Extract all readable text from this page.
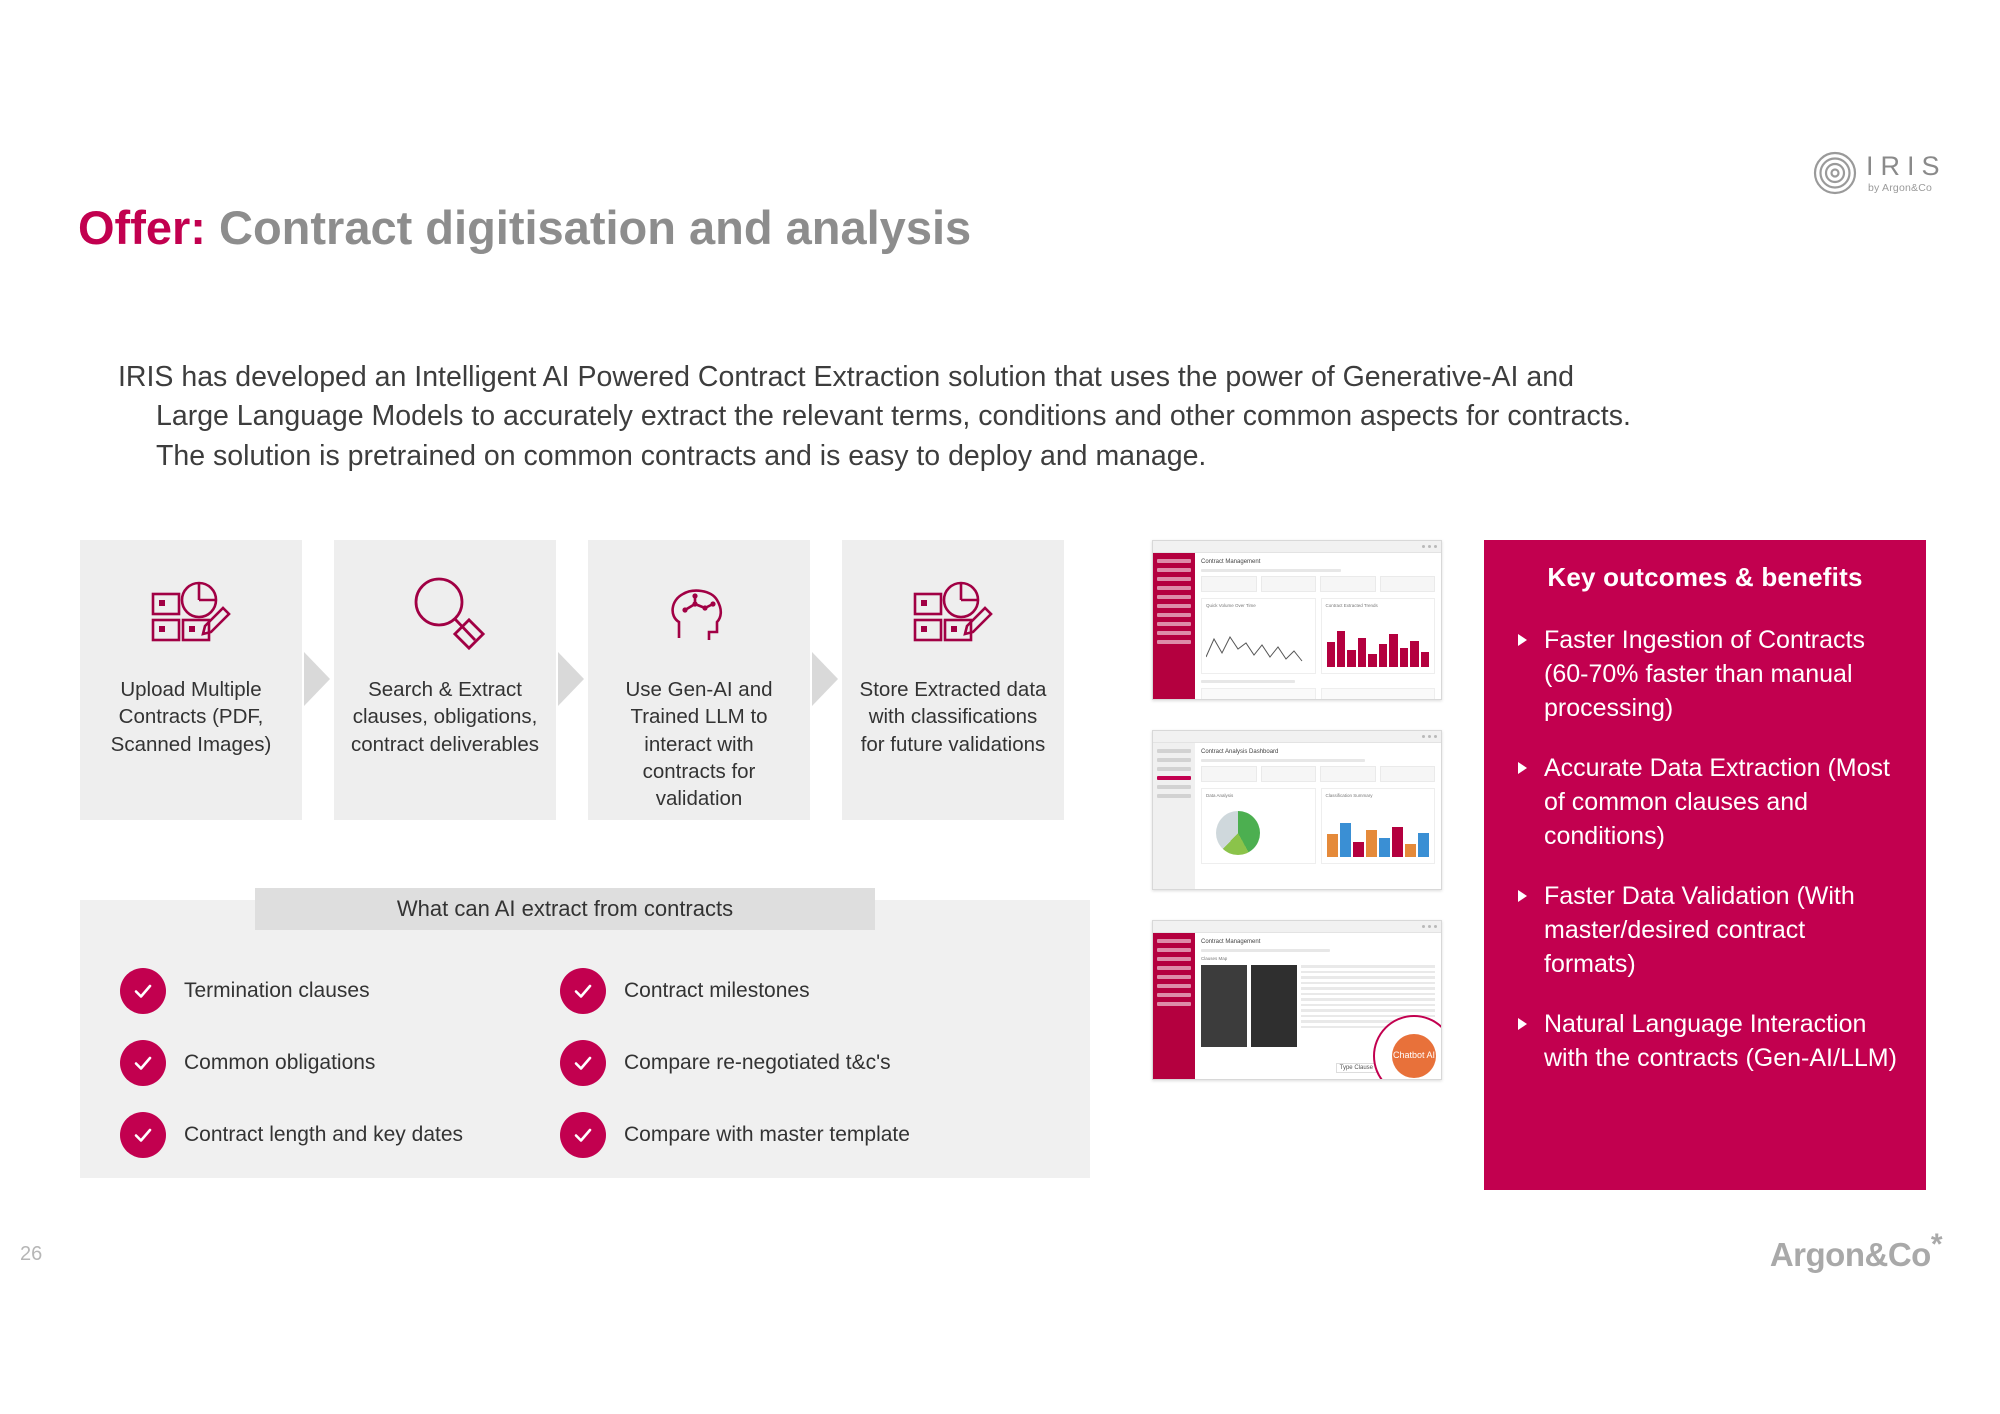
IRIS
by Argon&Co
Offer: Contract digitisation and analysis
IRIS has developed an Intelligent AI Powered Contract Extraction solution that uses the power of Generative-AI and
Large Language Models to accurately extract the relevant terms, conditions and other common aspects for contracts.
The solution is pretrained on common contracts and is easy to deploy and manage.
Upload Multiple Contracts (PDF, Scanned Images)
Search & Extract clauses, obligations, contract deliverables
Use Gen-AI and Trained LLM to interact with contracts for validation
Store Extracted data with classifications for future validations
What can AI extract from contracts
Termination clauses
Common obligations
Contract length and key dates
Contract milestones
Compare re-negotiated t&c's
Compare with master template
Contract Management
Quick Volume Over Time	Contract Extracted Trends
Contract Analysis Dashboard
Data Analysis	Classification Summary
Contract Management
Clauses Map
Type Clause
Chatbot AI
Key outcomes & benefits
Faster Ingestion of Contracts (60-70% faster than manual processing)
Accurate Data Extraction (Most of common clauses and conditions)
Faster Data Validation (With master/desired contract formats)
Natural Language Interaction with the contracts (Gen-AI/LLM)
26	Argon&Co*
